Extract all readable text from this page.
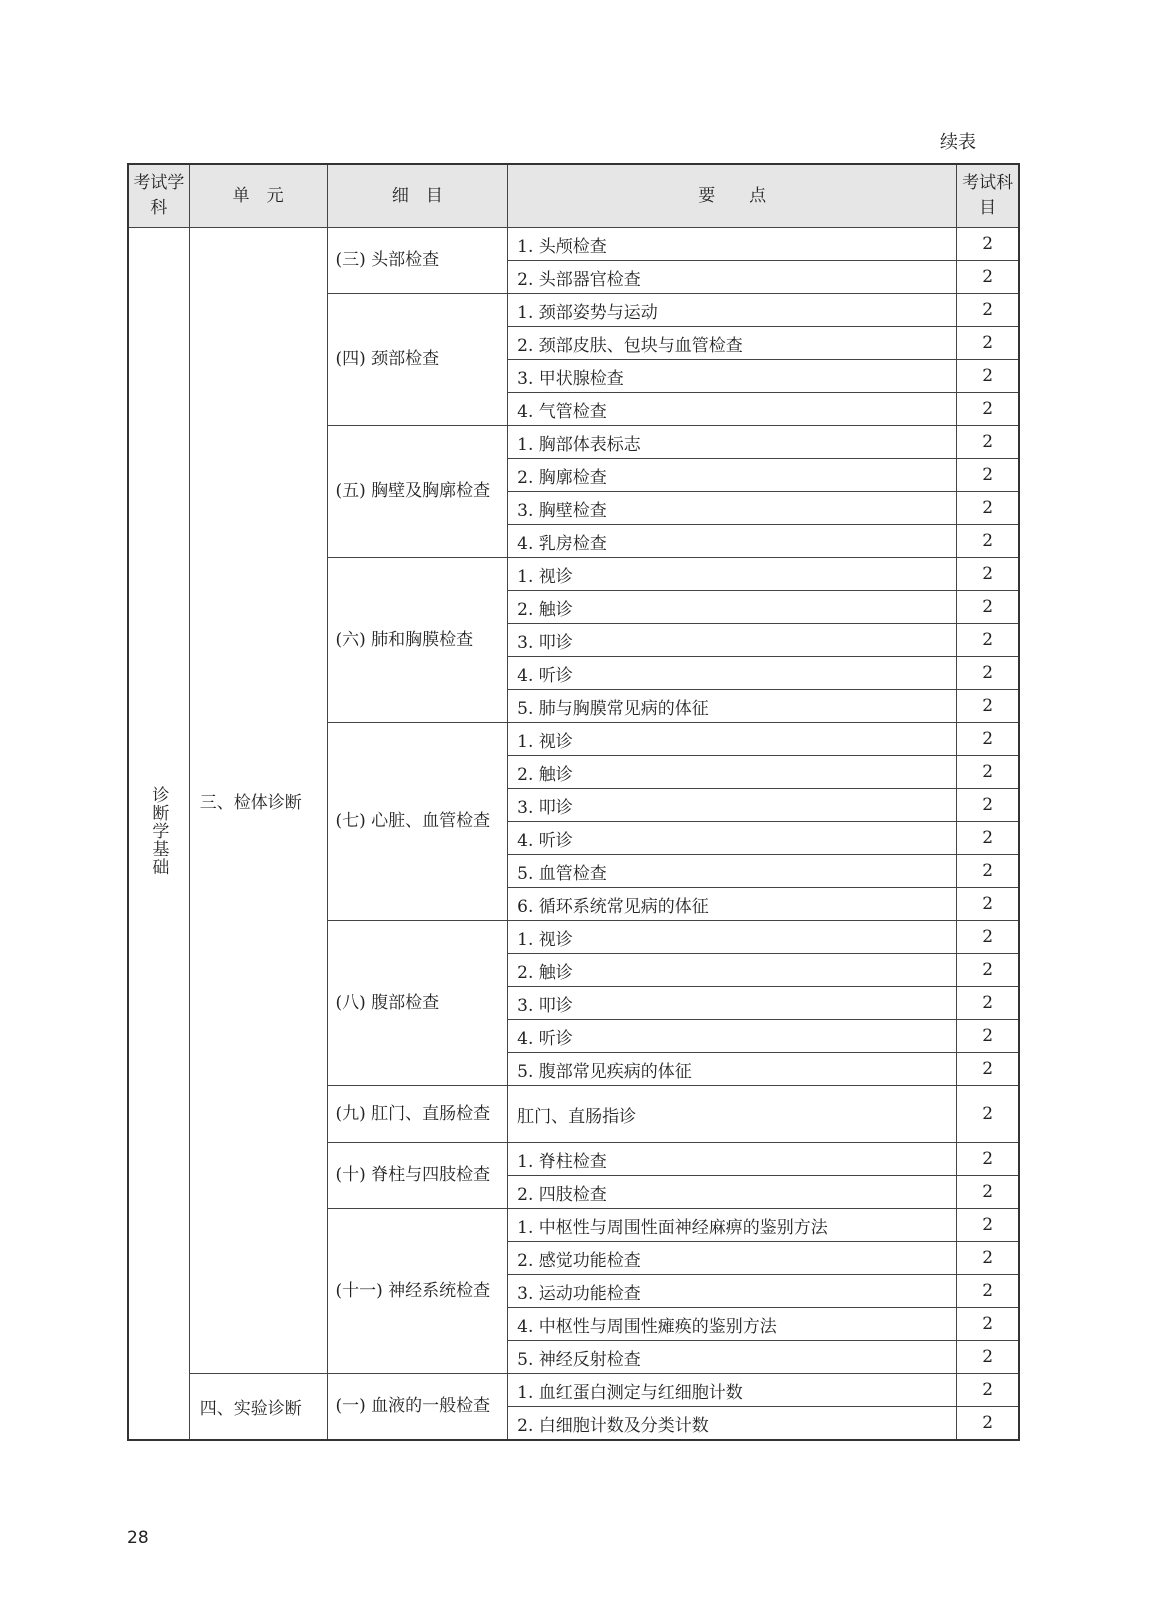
续表
考试学科	单　元	细　目	要　　点	考试科目
诊断学基础	三、检体诊断	(三) 头部检查	1. 头颅检查	2
			2. 头部器官检查	2
		(四) 颈部检查	1. 颈部姿势与运动	2
			2. 颈部皮肤、包块与血管检查	2
			3. 甲状腺检查	2
			4. 气管检查	2
		(五) 胸壁及胸廓检查	1. 胸部体表标志	2
			2. 胸廓检查	2
			3. 胸壁检查	2
			4. 乳房检查	2
		(六) 肺和胸膜检查	1. 视诊	2
			2. 触诊	2
			3. 叩诊	2
			4. 听诊	2
			5. 肺与胸膜常见病的体征	2
		(七) 心脏、血管检查	1. 视诊	2
			2. 触诊	2
			3. 叩诊	2
			4. 听诊	2
			5. 血管检查	2
			6. 循环系统常见病的体征	2
		(八) 腹部检查	1. 视诊	2
			2. 触诊	2
			3. 叩诊	2
			4. 听诊	2
			5. 腹部常见疾病的体征	2
		(九) 肛门、直肠检查	肛门、直肠指诊	2
		(十) 脊柱与四肢检查	1. 脊柱检查	2
			2. 四肢检查	2
		(十一) 神经系统检查	1. 中枢性与周围性面神经麻痹的鉴别方法	2
			2. 感觉功能检查	2
			3. 运动功能检查	2
			4. 中枢性与周围性瘫痪的鉴别方法	2
			5. 神经反射检查	2
	四、实验诊断	(一) 血液的一般检查	1. 血红蛋白测定与红细胞计数	2
			2. 白细胞计数及分类计数	2
28
